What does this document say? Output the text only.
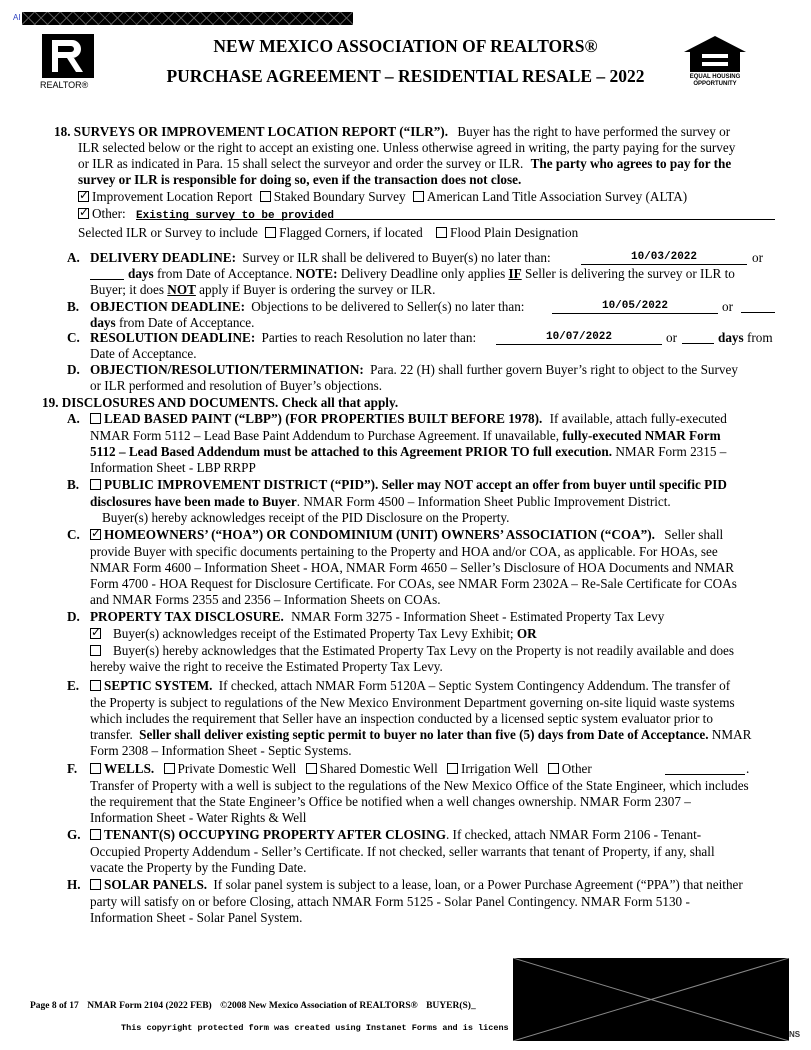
AI
REALTOR®
NEW MEXICO ASSOCIATION OF REALTORS®
PURCHASE AGREEMENT – RESIDENTIAL RESALE – 2022	EQUAL HOUSING
OPPORTUNITY
18. SURVEYS OR IMPROVEMENT LOCATION REPORT (“ILR”). Buyer has the right to have performed the survey or
ILR selected below or the right to accept an existing one. Unless otherwise agreed in writing, the party paying for the survey
or ILR as indicated in Para. 15 shall select the surveyor and order the survey or ILR. The party who agrees to pay for the
survey or ILR is responsible for doing so, even if the transaction does not close.
✓Improvement Location Report Staked Boundary Survey American Land Title Association Survey (ALTA)
✓Other: Existing survey to be provided
Selected ILR or Survey to include Flagged Corners, if located Flood Plain Designation
A. DELIVERY DEADLINE: Survey or ILR shall be delivered to Buyer(s) no later than:	10/03/2022	or
days from Date of Acceptance. NOTE: Delivery Deadline only applies IF Seller is delivering the survey or ILR to
Buyer; it does NOT apply if Buyer is ordering the survey or ILR.
B. OBJECTION DEADLINE: Objections to be delivered to Seller(s) no later than:	10/05/2022	or
days from Date of Acceptance.
C. RESOLUTION DEADLINE: Parties to reach Resolution no later than:	10/07/2022	or	days from
Date of Acceptance.
D. OBJECTION/RESOLUTION/TERMINATION: Para. 22 (H) shall further govern Buyer’s right to object to the Survey
or ILR performed and resolution of Buyer’s objections.
19. DISCLOSURES AND DOCUMENTS. Check all that apply.
A.	LEAD BASED PAINT (“LBP”) (FOR PROPERTIES BUILT BEFORE 1978). If available, attach fully-executed
NMAR Form 5112 – Lead Base Paint Addendum to Purchase Agreement. If unavailable, fully-executed NMAR Form
5112 – Lead Based Addendum must be attached to this Agreement PRIOR TO full execution. NMAR Form 2315 –
Information Sheet - LBP RRPP
B.	PUBLIC IMPROVEMENT DISTRICT (“PID”). Seller may NOT accept an offer from buyer until specific PID
disclosures have been made to Buyer. NMAR Form 4500 – Information Sheet Public Improvement District.
Buyer(s) hereby acknowledges receipt of the PID Disclosure on the Property.
C.
✓	HOMEOWNERS’ (“HOA”) OR CONDOMINIUM (UNIT) OWNERS’ ASSOCIATION (“COA”). Seller shall
provide Buyer with specific documents pertaining to the Property and HOA and/or COA, as applicable. For HOAs, see
NMAR Form 4600 – Information Sheet - HOA, NMAR Form 4650 – Seller’s Disclosure of HOA Documents and NMAR
Form 4700 - HOA Request for Disclosure Certificate. For COAs, see NMAR Form 2302A – Re-Sale Certificate for COAs
and NMAR Forms 2355 and 2356 – Information Sheets on COAs.
D. PROPERTY TAX DISCLOSURE. NMAR Form 3275 - Information Sheet - Estimated Property Tax Levy
✓Buyer(s) acknowledges receipt of the Estimated Property Tax Levy Exhibit; OR
Buyer(s) hereby acknowledges that the Estimated Property Tax Levy on the Property is not readily available and does
hereby waive the right to receive the Estimated Property Tax Levy.
E.	SEPTIC SYSTEM. If checked, attach NMAR Form 5120A – Septic System Contingency Addendum. The transfer of
the Property is subject to regulations of the New Mexico Environment Department governing on-site liquid waste systems
which includes the requirement that Seller have an inspection conducted by a licensed septic system evaluator prior to
transfer. Seller shall deliver existing septic permit to buyer no later than five (5) days from Date of Acceptance. NMAR
Form 2308 – Information Sheet - Septic Systems.
F.	WELLS. Private Domestic Well Shared Domestic Well Irrigation Well Other	.
Transfer of Property with a well is subject to the regulations of the New Mexico Office of the State Engineer, which includes
the requirement that the State Engineer’s Office be notified when a well changes ownership. NMAR Form 2307 –
Information Sheet - Water Rights & Well
G.	TENANT(S) OCCUPYING PROPERTY AFTER CLOSING. If checked, attach NMAR Form 2106 - Tenant-
Occupied Property Addendum - Seller’s Certificate. If not checked, seller warrants that tenant of Property, if any, shall
vacate the Property by the Funding Date.
H.	SOLAR PANELS. If solar panel system is subject to a lease, loan, or a Power Purchase Agreement (“PPA”) that neither
party will satisfy on or before Closing, attach NMAR Form 5125 - Solar Panel Contingency. NMAR Form 5130 -
Information Sheet - Solar Panel System.
Page 8 of 17 NMAR Form 2104 (2022 FEB) ©2008 New Mexico Association of REALTORS® BUYER(S)_
This copyright protected form was created using Instanet Forms and is licens
NS
